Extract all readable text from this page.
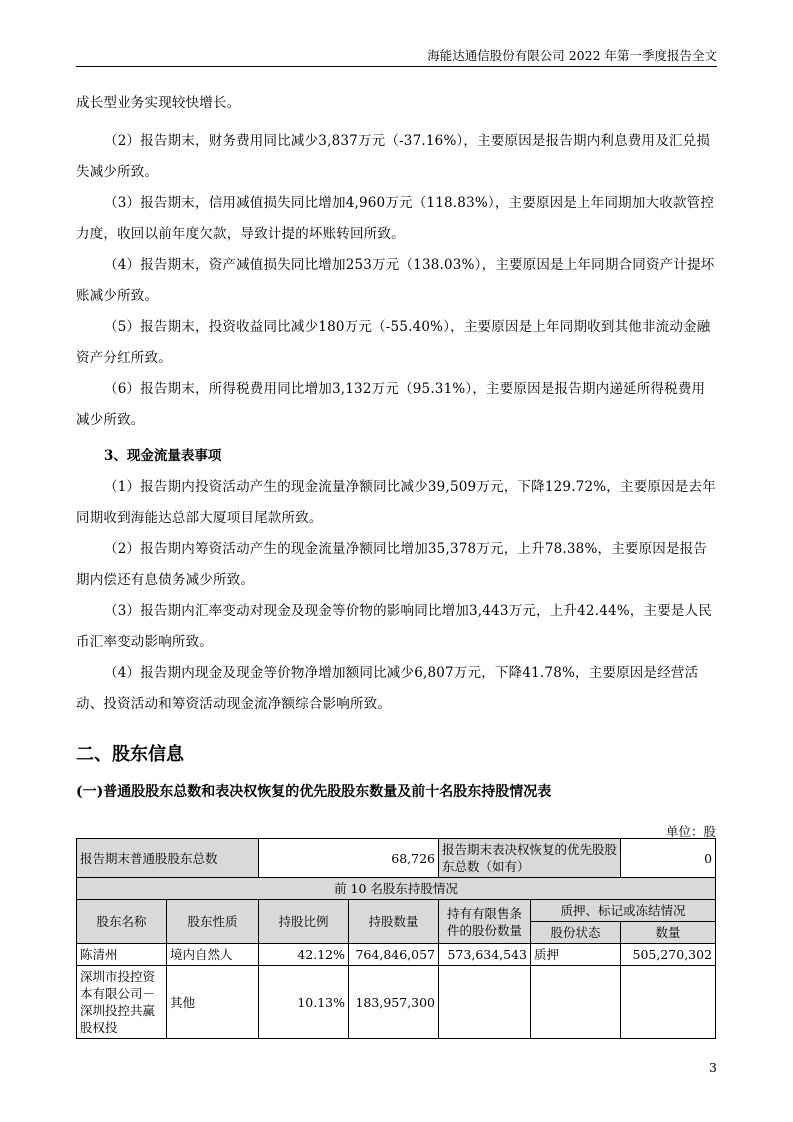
海能达通信股份有限公司 2022 年第一季度报告全文
成长型业务实现较快增长。
（2）报告期末，财务费用同比减少3,837万元（-37.16%），主要原因是报告期内利息费用及汇兑损失减少所致。
（3）报告期末，信用减值损失同比增加4,960万元（118.83%），主要原因是上年同期加大收款管控力度，收回以前年度欠款，导致计提的坏账转回所致。
（4）报告期末，资产减值损失同比增加253万元（138.03%），主要原因是上年同期合同资产计提坏账减少所致。
（5）报告期末，投资收益同比减少180万元（-55.40%），主要原因是上年同期收到其他非流动金融资产分红所致。
（6）报告期末，所得税费用同比增加3,132万元（95.31%），主要原因是报告期内递延所得税费用减少所致。
3、现金流量表事项
（1）报告期内投资活动产生的现金流量净额同比减少39,509万元，下降129.72%，主要原因是去年同期收到海能达总部大厦项目尾款所致。
（2）报告期内筹资活动产生的现金流量净额同比增加35,378万元，上升78.38%，主要原因是报告期内偿还有息债务减少所致。
（3）报告期内汇率变动对现金及现金等价物的影响同比增加3,443万元，上升42.44%，主要是人民币汇率变动影响所致。
（4）报告期内现金及现金等价物净增加额同比减少6,807万元，下降41.78%，主要原因是经营活动、投资活动和筹资活动现金流净额综合影响所致。
二、股东信息
(一)普通股股东总数和表决权恢复的优先股股东数量及前十名股东持股情况表
单位：股
报告期末普通股股东总数		68,726		报告期末表决权恢复的优先股股东总数（如有）		0
前 10 名股东持股情况						
股东名称	股东性质	持股比例	持股数量	持有有限售条件的股份数量	质押、标记或冻结情况	
					股份状态	数量
陈清州	境内自然人	42.12%	764,846,057	573,634,543	质押	505,270,302
深圳市投控资本有限公司－深圳投控共赢股权投	其他	10.13%	183,957,300			
3
